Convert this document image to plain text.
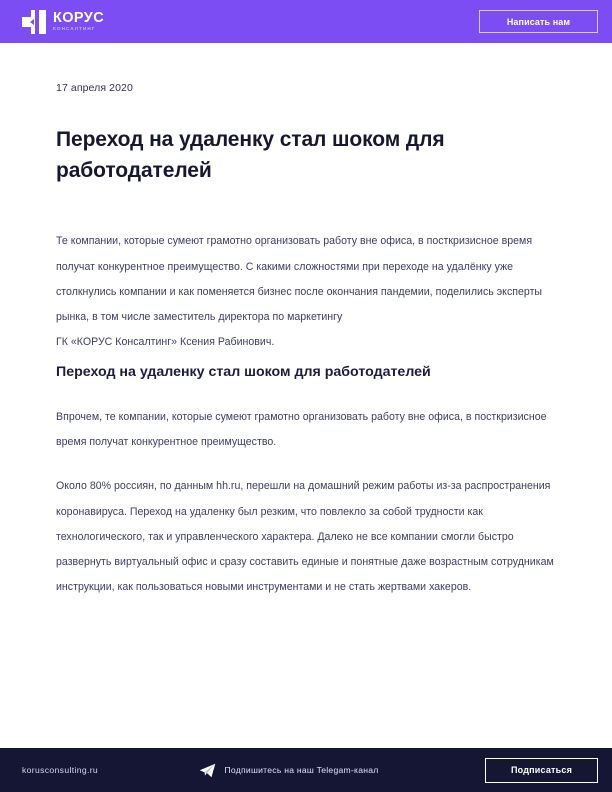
КОРУС
КОНСАЛТИНГ
Написать нам
17 апреля 2020
Переход на удаленку стал шоком для работодателей

Те компании, которые сумеют грамотно организовать работу вне офиса, в посткризисное время получат конкурентное преимущество. С какими сложностями при переходе на удалёнку уже столкнулись компании и как поменяется бизнес после окончания пандемии, поделились эксперты рынка, в том числе заместитель директора по маркетингу

ГК «КОРУС Консалтинг» Ксения Рабинович.

Переход на удаленку стал шоком для работодателей

Впрочем, те компании, которые сумеют грамотно организовать работу вне офиса, в посткризисное время получат конкурентное преимущество.

Около 80% россиян, по данным hh.ru, перешли на домашний режим работы из-за распространения коронавируса. Переход на удаленку был резким, что повлекло за собой трудности как технологического, так и управленческого характера. Далеко не все компании смогли быстро развернуть виртуальный офис и сразу составить единые и понятные даже возрастным сотрудникам инструкции, как пользоваться новыми инструментами и не стать жертвами хакеров.

korusconsulting.ru	Подпишитесь на наш Telegam-канал	Подписаться
